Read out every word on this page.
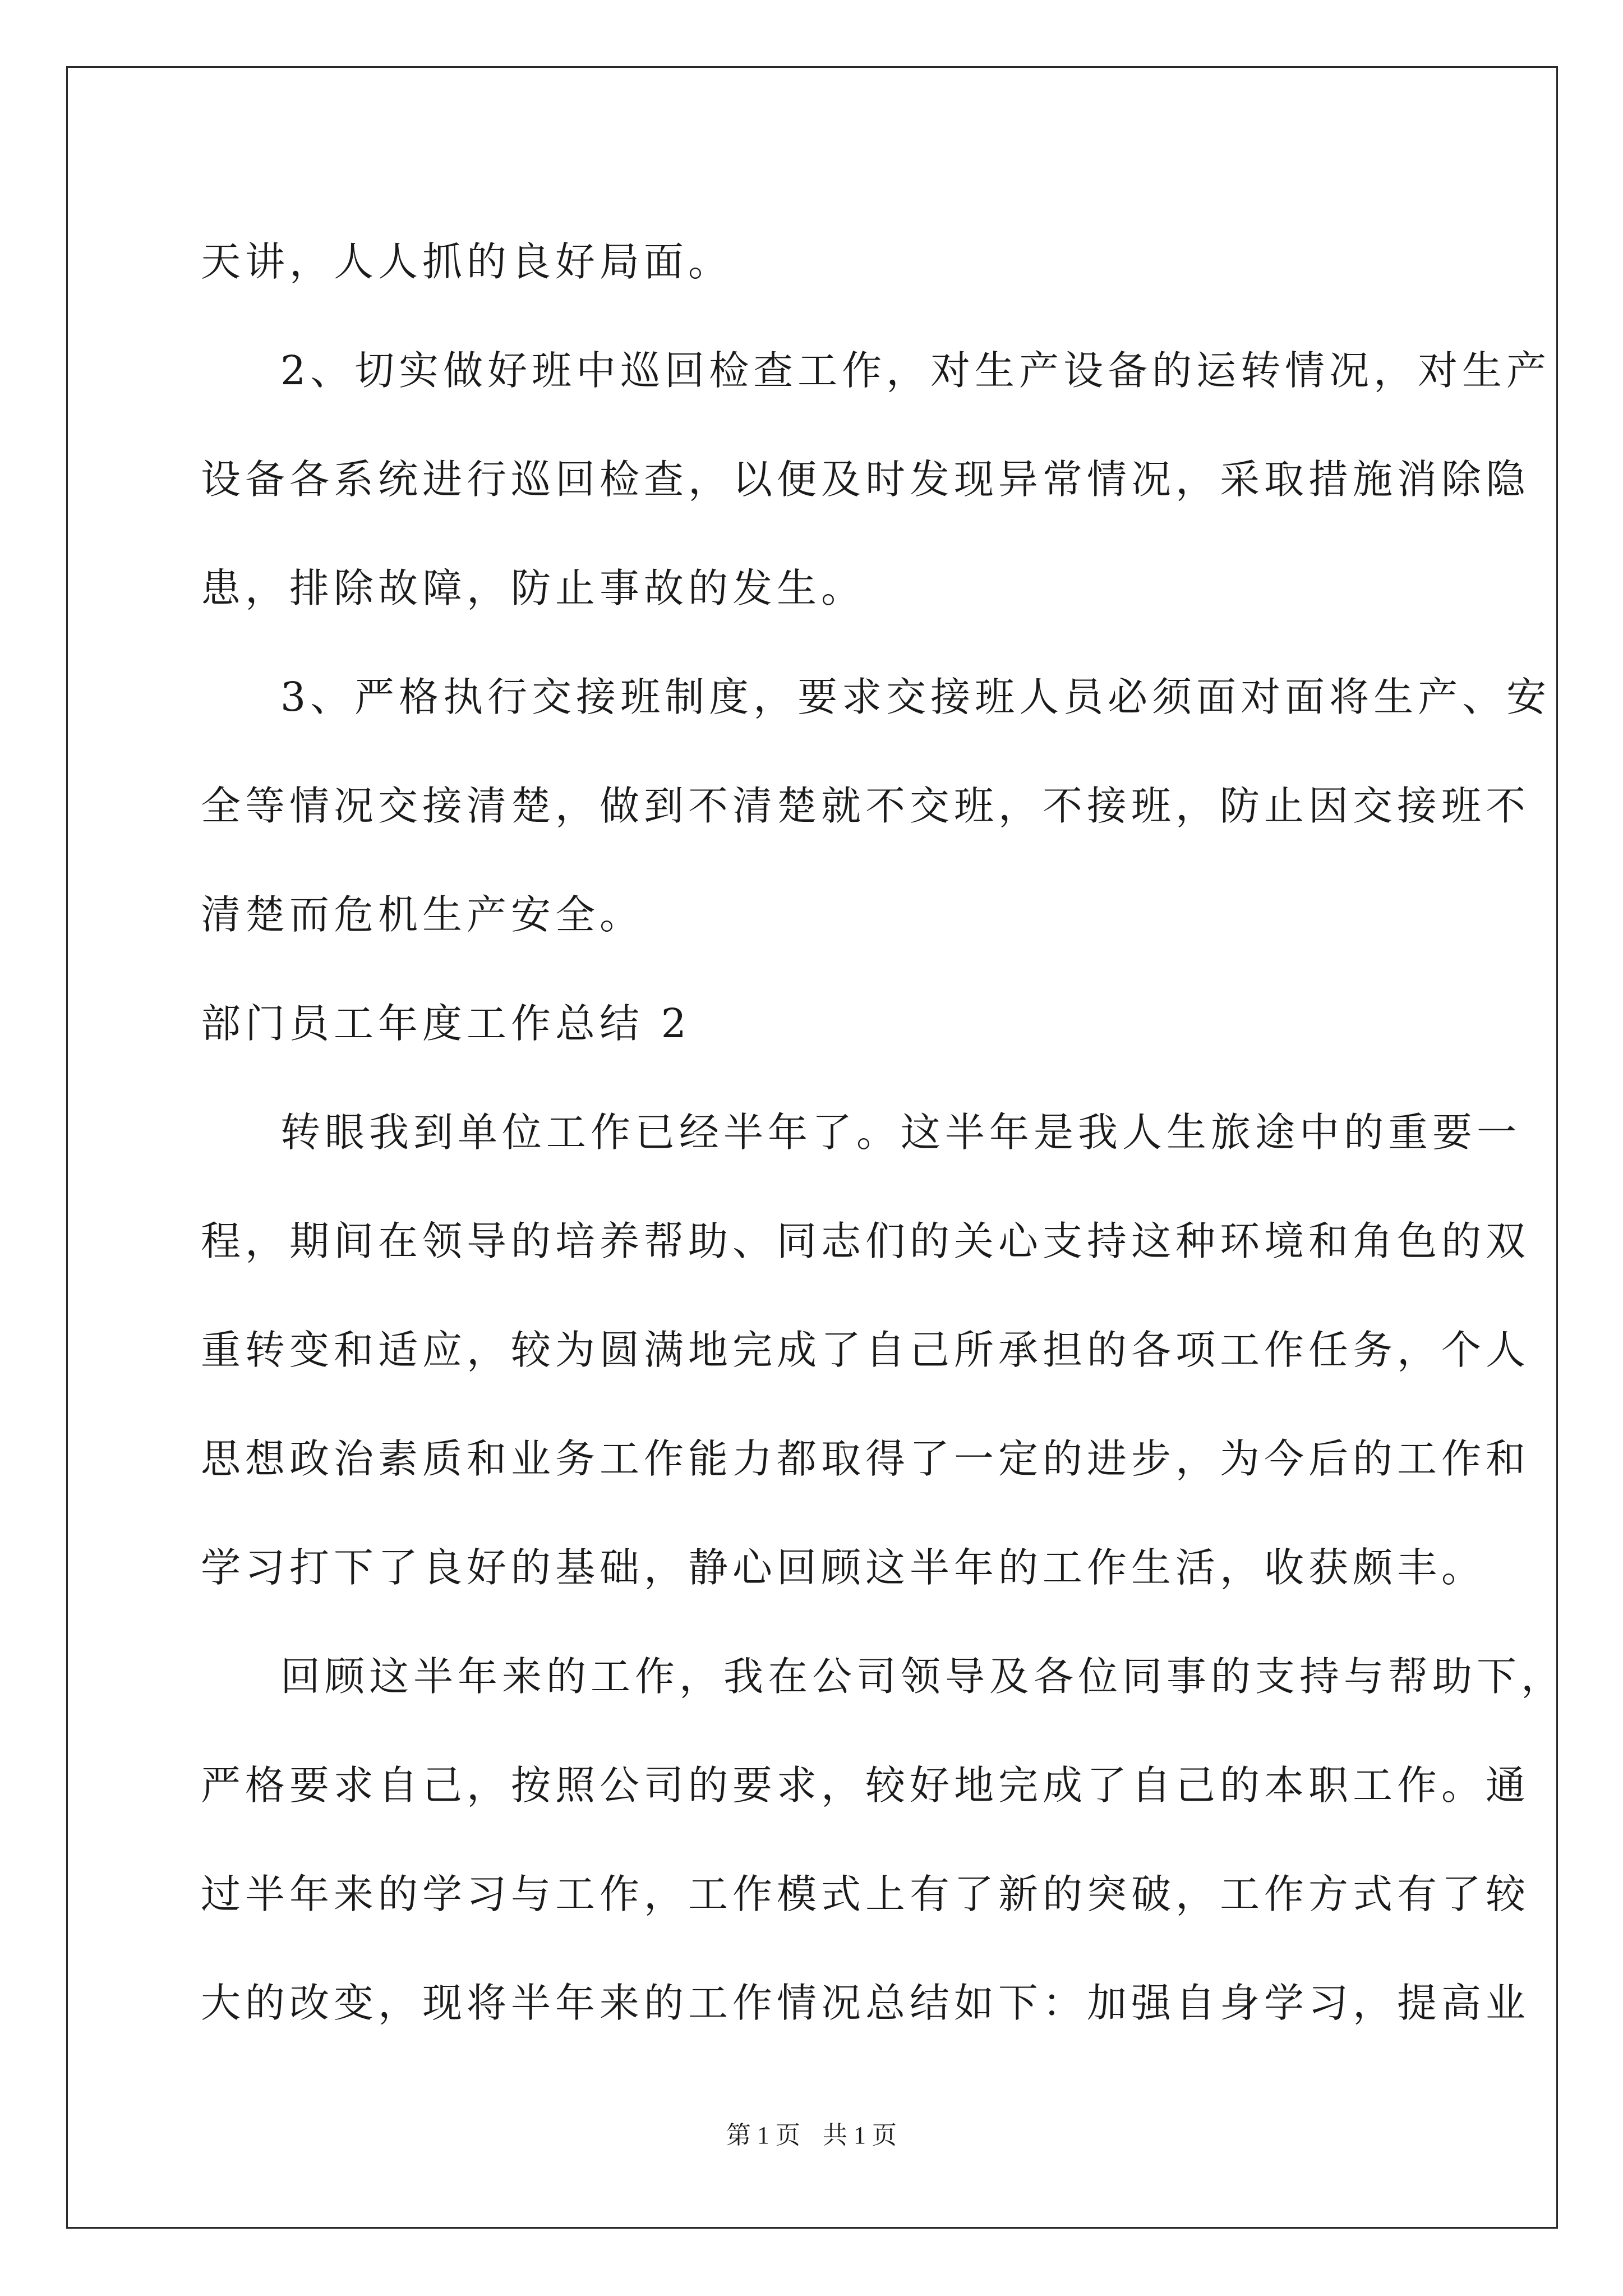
天讲，人人抓的良好局面。
2、切实做好班中巡回检查工作，对生产设备的运转情况，对生产
设备各系统进行巡回检查，以便及时发现异常情况，采取措施消除隐
患，排除故障，防止事故的发生。
3、严格执行交接班制度，要求交接班人员必须面对面将生产、安
全等情况交接清楚，做到不清楚就不交班，不接班，防止因交接班不
清楚而危机生产安全。
部门员工年度工作总结 2
转眼我到单位工作已经半年了。这半年是我人生旅途中的重要一
程，期间在领导的培养帮助、同志们的关心支持这种环境和角色的双
重转变和适应，较为圆满地完成了自己所承担的各项工作任务，个人
思想政治素质和业务工作能力都取得了一定的进步，为今后的工作和
学习打下了良好的基础，静心回顾这半年的工作生活，收获颇丰。
回顾这半年来的工作，我在公司领导及各位同事的支持与帮助下，
严格要求自己，按照公司的要求，较好地完成了自己的本职工作。通
过半年来的学习与工作，工作模式上有了新的突破，工作方式有了较
大的改变，现将半年来的工作情况总结如下：加强自身学习，提高业
第 1 页 共 1 页
